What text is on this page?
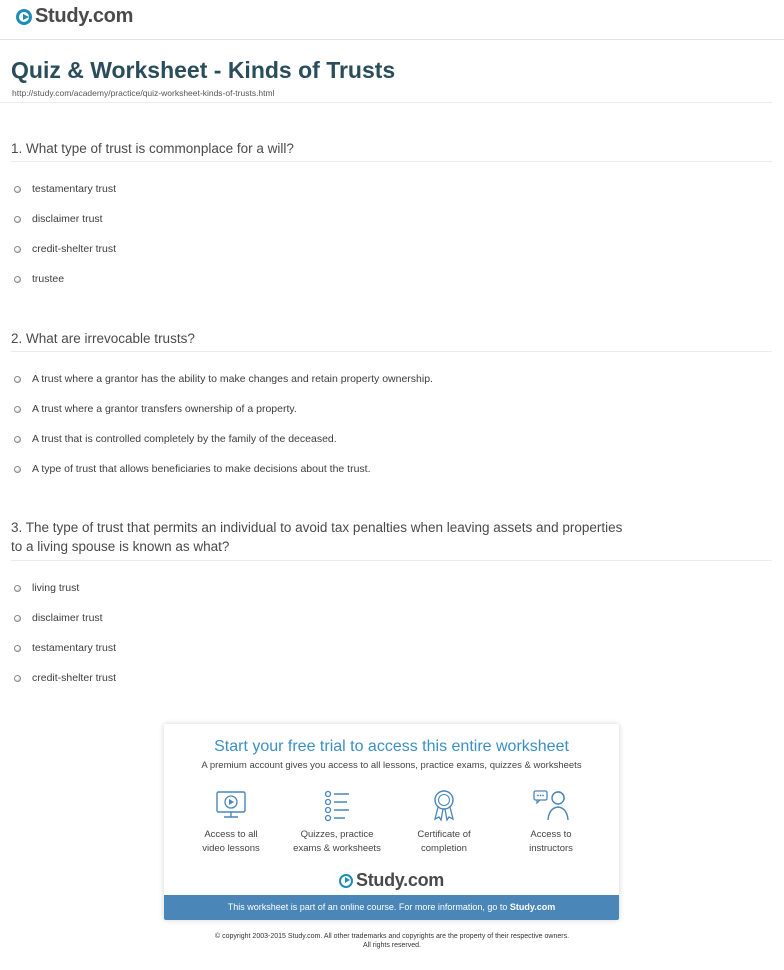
Study.com
Quiz & Worksheet - Kinds of Trusts
http://study.com/academy/practice/quiz-worksheet-kinds-of-trusts.html
1. What type of trust is commonplace for a will?
testamentary trust
disclaimer trust
credit-shelter trust
trustee
2. What are irrevocable trusts?
A trust where a grantor has the ability to make changes and retain property ownership.
A trust where a grantor transfers ownership of a property.
A trust that is controlled completely by the family of the deceased.
A type of trust that allows beneficiaries to make decisions about the trust.
3. The type of trust that permits an individual to avoid tax penalties when leaving assets and properties
to a living spouse is known as what?
living trust
disclaimer trust
testamentary trust
credit-shelter trust
Start your free trial to access this entire worksheet
A premium account gives you access to all lessons, practice exams, quizzes & worksheets
Access to all
video lessons
Quizzes, practice
exams & worksheets
Certificate of
completion
Access to
instructors
Study.com
This worksheet is part of an online course. For more information, go to Study.com
© copyright 2003-2015 Study.com. All other trademarks and copyrights are the property of their respective owners.
All rights reserved.
